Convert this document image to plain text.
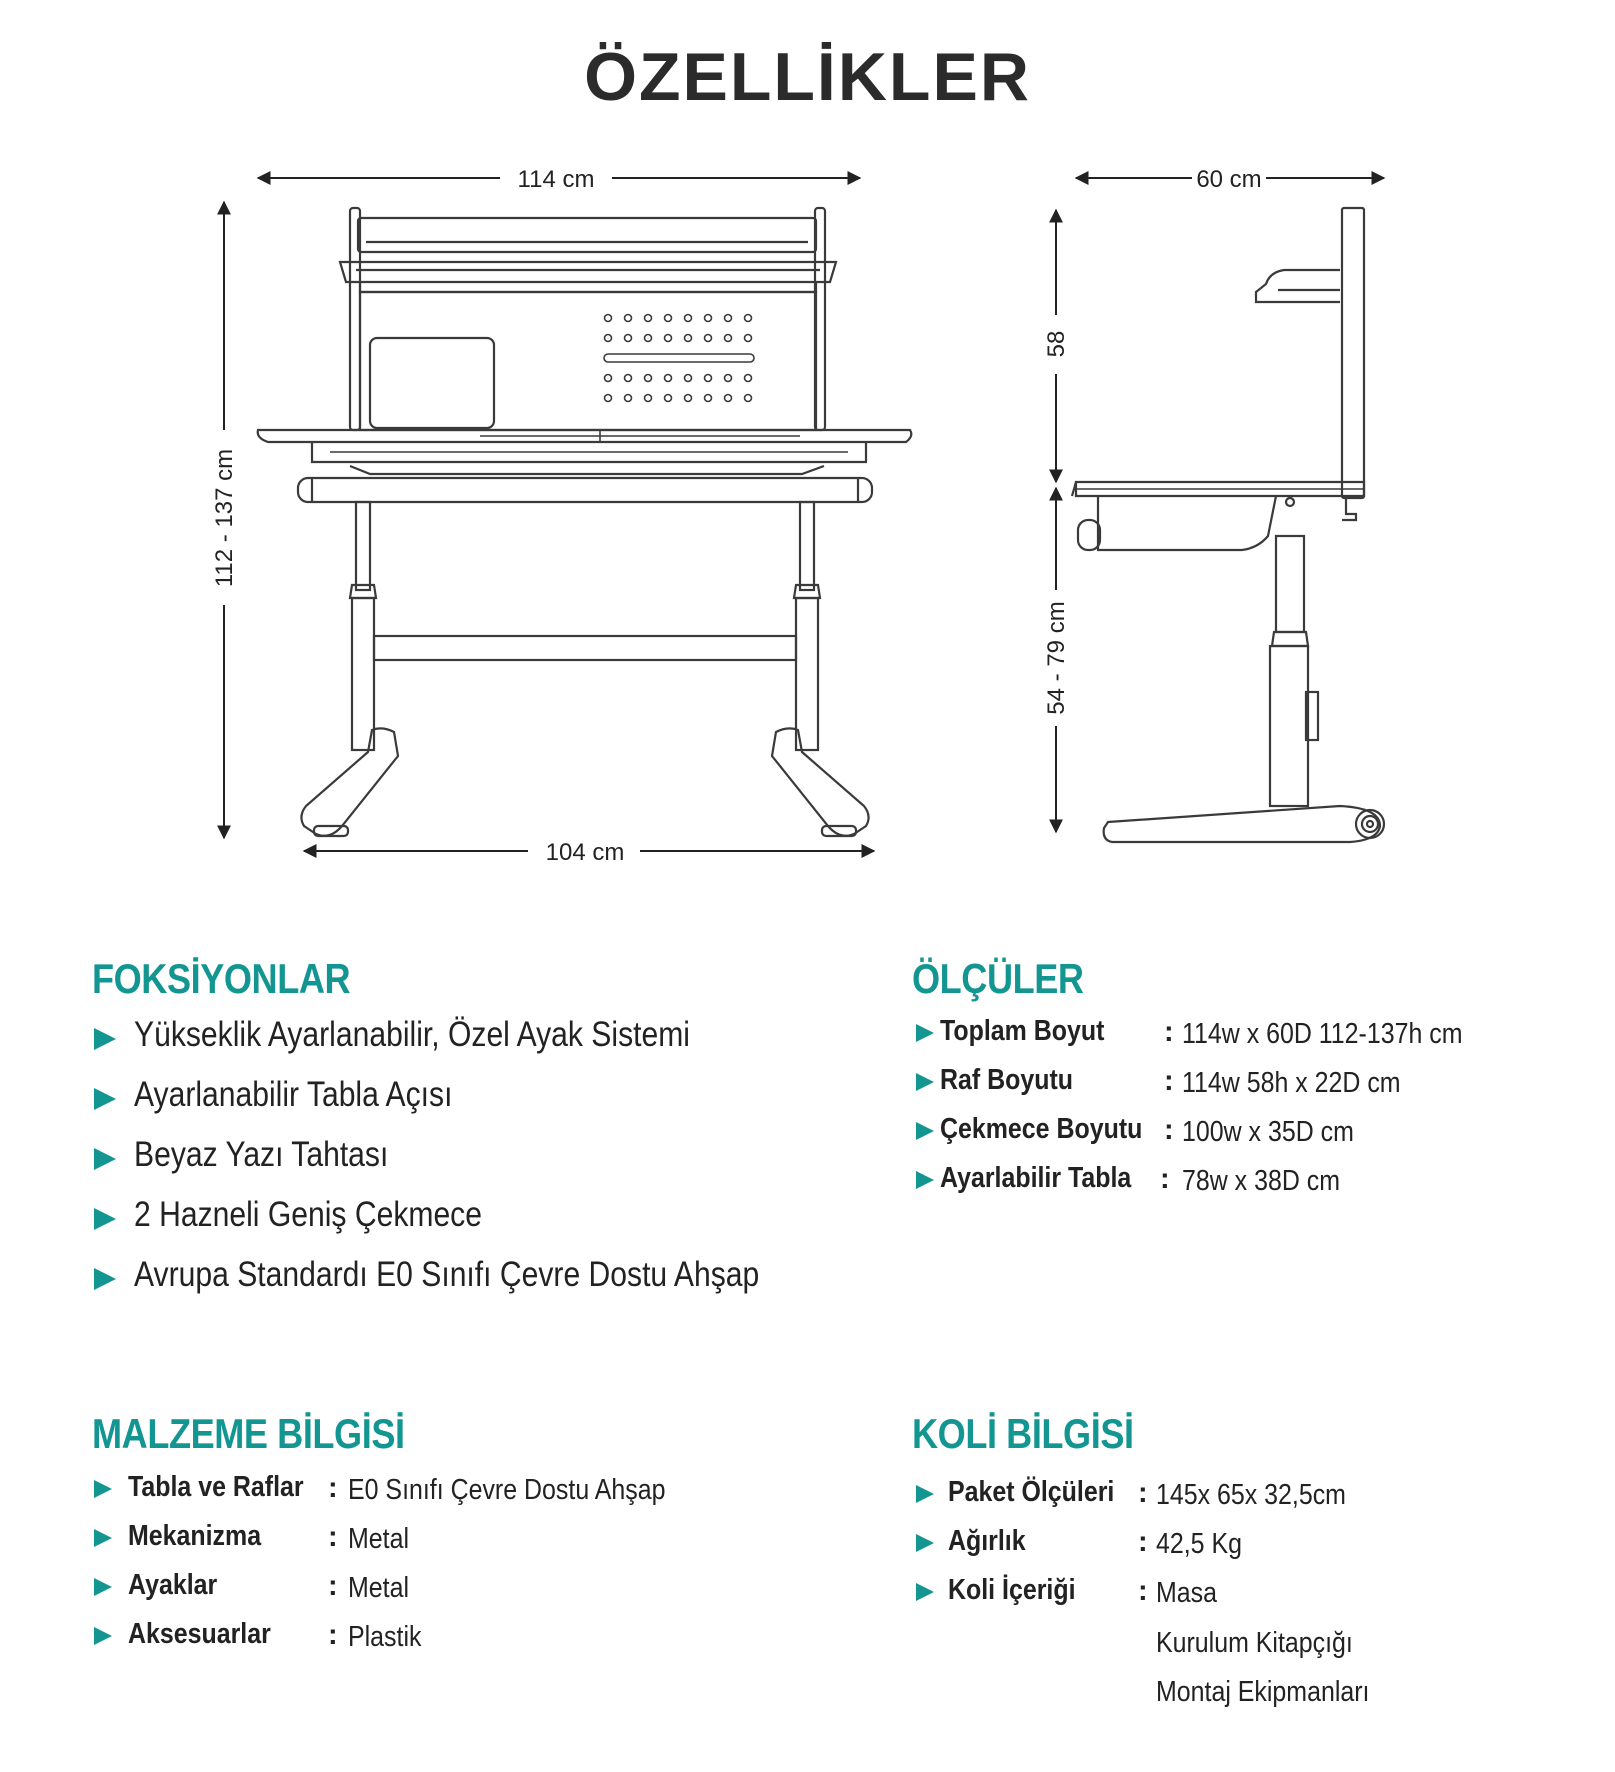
ÖZELLİKLER
114 cm
112 - 137 cm
104 cm
60 cm
58
54 - 79 cm
FOKSİYONLAR
Yükseklik Ayarlanabilir, Özel Ayak Sistemi
Ayarlanabilir Tabla Açısı
Beyaz Yazı Tahtası
2 Hazneli Geniş Çekmece
Avrupa Standardı E0 Sınıfı Çevre Dostu Ahşap
ÖLÇÜLER
Toplam Boyut : 114w x 60D 112-137h cm
Raf Boyutu	: 114w 58h x 22D cm
Çekmece Boyutu : 100w x 35D cm
Ayarlabilir Tabla : 78w x 38D cm
MALZEME BİLGİSİ
Tabla ve Raflar : E0 Sınıfı Çevre Dostu Ahşap
Mekanizma : Metal
Ayaklar	: Metal
Aksesuarlar : Plastik
KOLİ BİLGİSİ
Paket Ölçüleri : 145x 65x 32,5cm
Ağırlık	: 42,5 Kg
Koli İçeriği : Masa
Kurulum Kitapçığı
Montaj Ekipmanları
